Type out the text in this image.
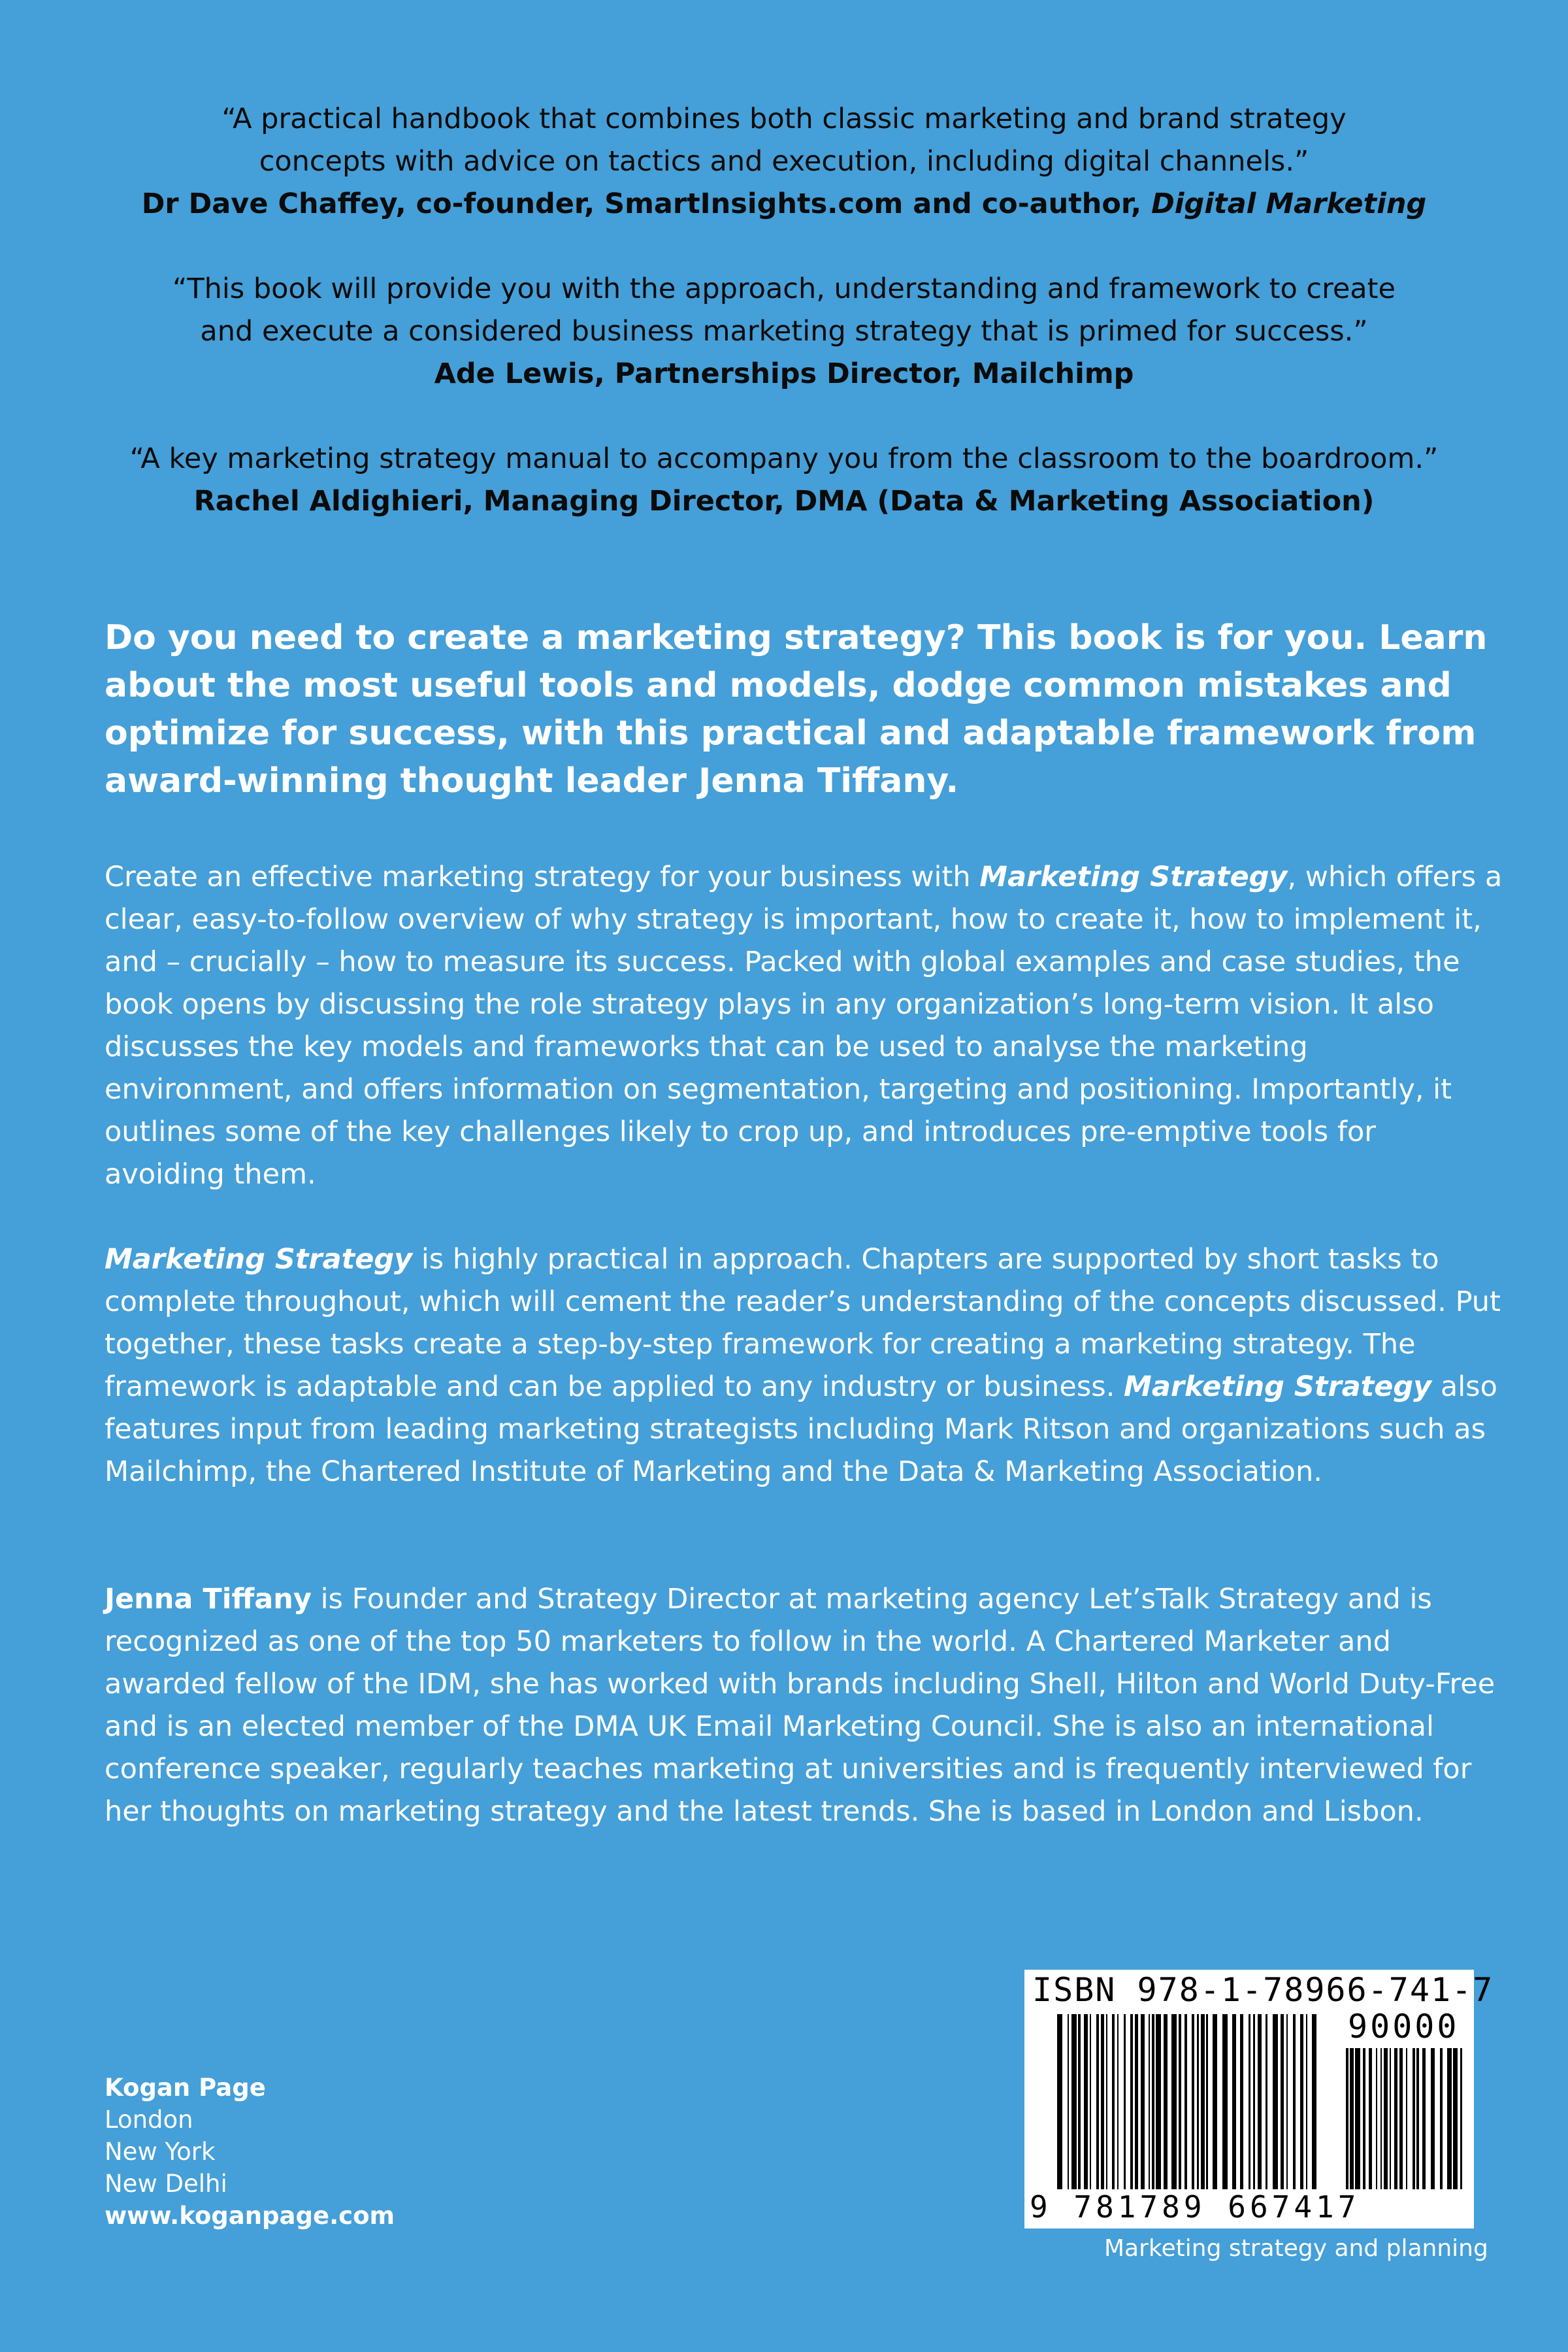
“A practical handbook that combines both classic marketing and brand strategy
concepts with advice on tactics and execution, including digital channels.”
Dr Dave Chaffey, co-founder, SmartInsights.com and co-author, Digital Marketing
“This book will provide you with the approach, understanding and framework to create
and execute a considered business marketing strategy that is primed for success.”
Ade Lewis, Partnerships Director, Mailchimp
“A key marketing strategy manual to accompany you from the classroom to the boardroom.”
Rachel Aldighieri, Managing Director, DMA (Data & Marketing Association)

Do you need to create a marketing strategy? This book is for you. Learn about the most useful tools and models, dodge common mistakes and optimize for success, with this practical and adaptable framework from award-winning thought leader Jenna Tiffany.

Create an effective marketing strategy for your business with Marketing Strategy, which offers a clear, easy-to-follow overview of why strategy is important, how to create it, how to implement it, and – crucially – how to measure its success. Packed with global examples and case studies, the book opens by discussing the role strategy plays in any organization’s long-term vision. It also discusses the key models and frameworks that can be used to analyse the marketing environment, and offers information on segmentation, targeting and positioning. Importantly, it outlines some of the key challenges likely to crop up, and introduces pre-emptive tools for avoiding them.

Marketing Strategy is highly practical in approach. Chapters are supported by short tasks to complete throughout, which will cement the reader’s understanding of the concepts discussed. Put together, these tasks create a step-by-step framework for creating a marketing strategy. The framework is adaptable and can be applied to any industry or business. Marketing Strategy also features input from leading marketing strategists including Mark Ritson and organizations such as Mailchimp, the Chartered Institute of Marketing and the Data & Marketing Association.

Jenna Tiffany is Founder and Strategy Director at marketing agency Let’sTalk Strategy and is recognized as one of the top 50 marketers to follow in the world. A Chartered Marketer and awarded fellow of the IDM, she has worked with brands including Shell, Hilton and World Duty-Free and is an elected member of the DMA UK Email Marketing Council. She is also an international conference speaker, regularly teaches marketing at universities and is frequently interviewed for her thoughts on marketing strategy and the latest trends. She is based in London and Lisbon.

Kogan Page
London
New York
New Delhi
www.koganpage.com
ISBN 978-1-78966-741-7
90000
9 781789 667417
Marketing strategy and planning
